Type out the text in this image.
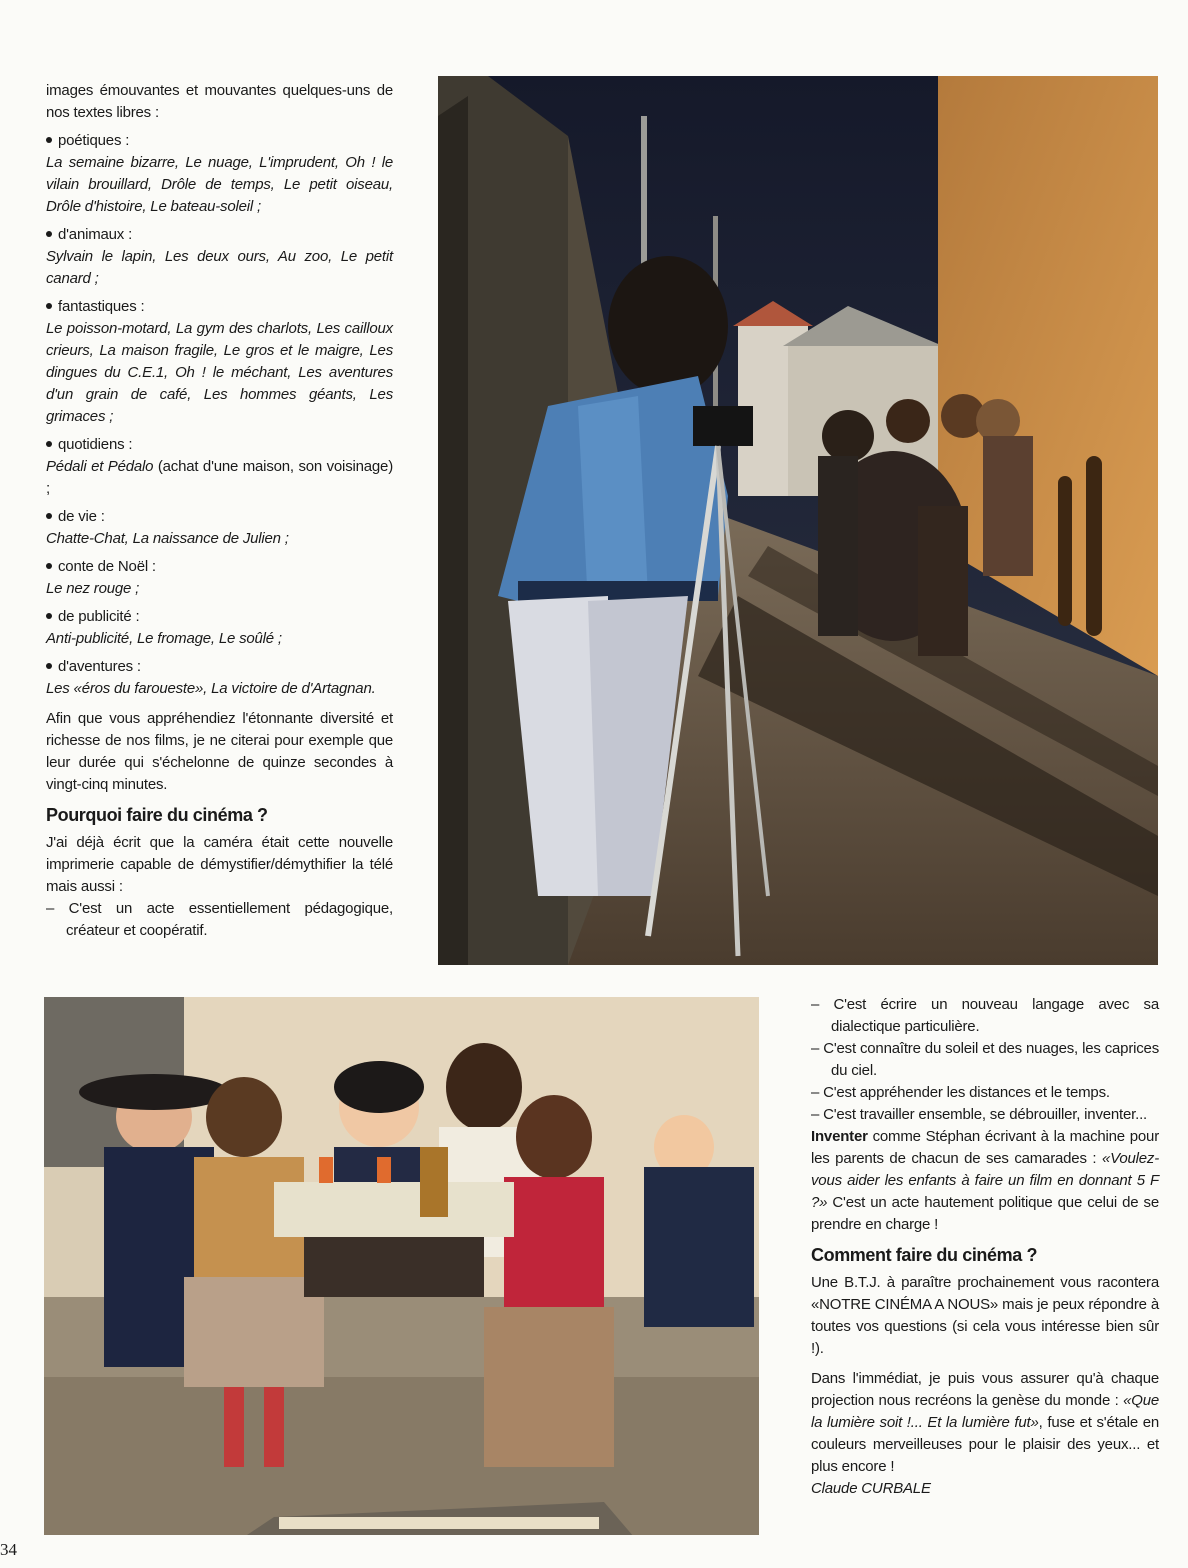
images émouvantes et mouvantes quelques-uns de nos textes libres :

poétiques :

La semaine bizarre, Le nuage, L'imprudent, Oh ! le vilain brouillard, Drôle de temps, Le petit oiseau, Drôle d'histoire, Le bateau-soleil ;

d'animaux :

Sylvain le lapin, Les deux ours, Au zoo, Le petit canard ;

fantastiques :

Le poisson-motard, La gym des charlots, Les cailloux crieurs, La maison fragile, Le gros et le maigre, Les dingues du C.E.1, Oh ! le méchant, Les aventures d'un grain de café, Les hommes géants, Les grimaces ;

quotidiens :

Pédali et Pédalo (achat d'une maison, son voisinage) ;

de vie :

Chatte-Chat, La naissance de Julien ;

conte de Noël :

Le nez rouge ;

de publicité :

Anti-publicité, Le fromage, Le soûlé ;

d'aventures :

Les «éros du faroueste», La victoire de d'Artagnan.

Afin que vous appréhendiez l'étonnante diversité et richesse de nos films, je ne citerai pour exemple que leur durée qui s'échelonne de quinze secondes à vingt-cinq minutes.

Pourquoi faire du cinéma ?

J'ai déjà écrit que la caméra était cette nouvelle imprimerie capable de démystifier/démythifier la télé mais aussi :

– C'est un acte essentiellement pédagogique, créateur et coopératif.

– C'est écrire un nouveau langage avec sa dialectique particulière.

– C'est connaître du soleil et des nuages, les caprices du ciel.

– C'est appréhender les distances et le temps.

– C'est travailler ensemble, se débrouiller, inventer...

Inventer comme Stéphan écrivant à la machine pour les parents de chacun de ses camarades : «Voulez-vous aider les enfants à faire un film en donnant 5 F ?» C'est un acte hautement politique que celui de se prendre en charge !

Comment faire du cinéma ?

Une B.T.J. à paraître prochainement vous racontera «NOTRE CINÉMA A NOUS» mais je peux répondre à toutes vos questions (si cela vous intéresse bien sûr !).

Dans l'immédiat, je puis vous assurer qu'à chaque projection nous recréons la genèse du monde : «Que la lumière soit !... Et la lumière fut», fuse et s'étale en couleurs merveilleuses pour le plaisir des yeux... et plus encore !

Claude CURBALE

34
